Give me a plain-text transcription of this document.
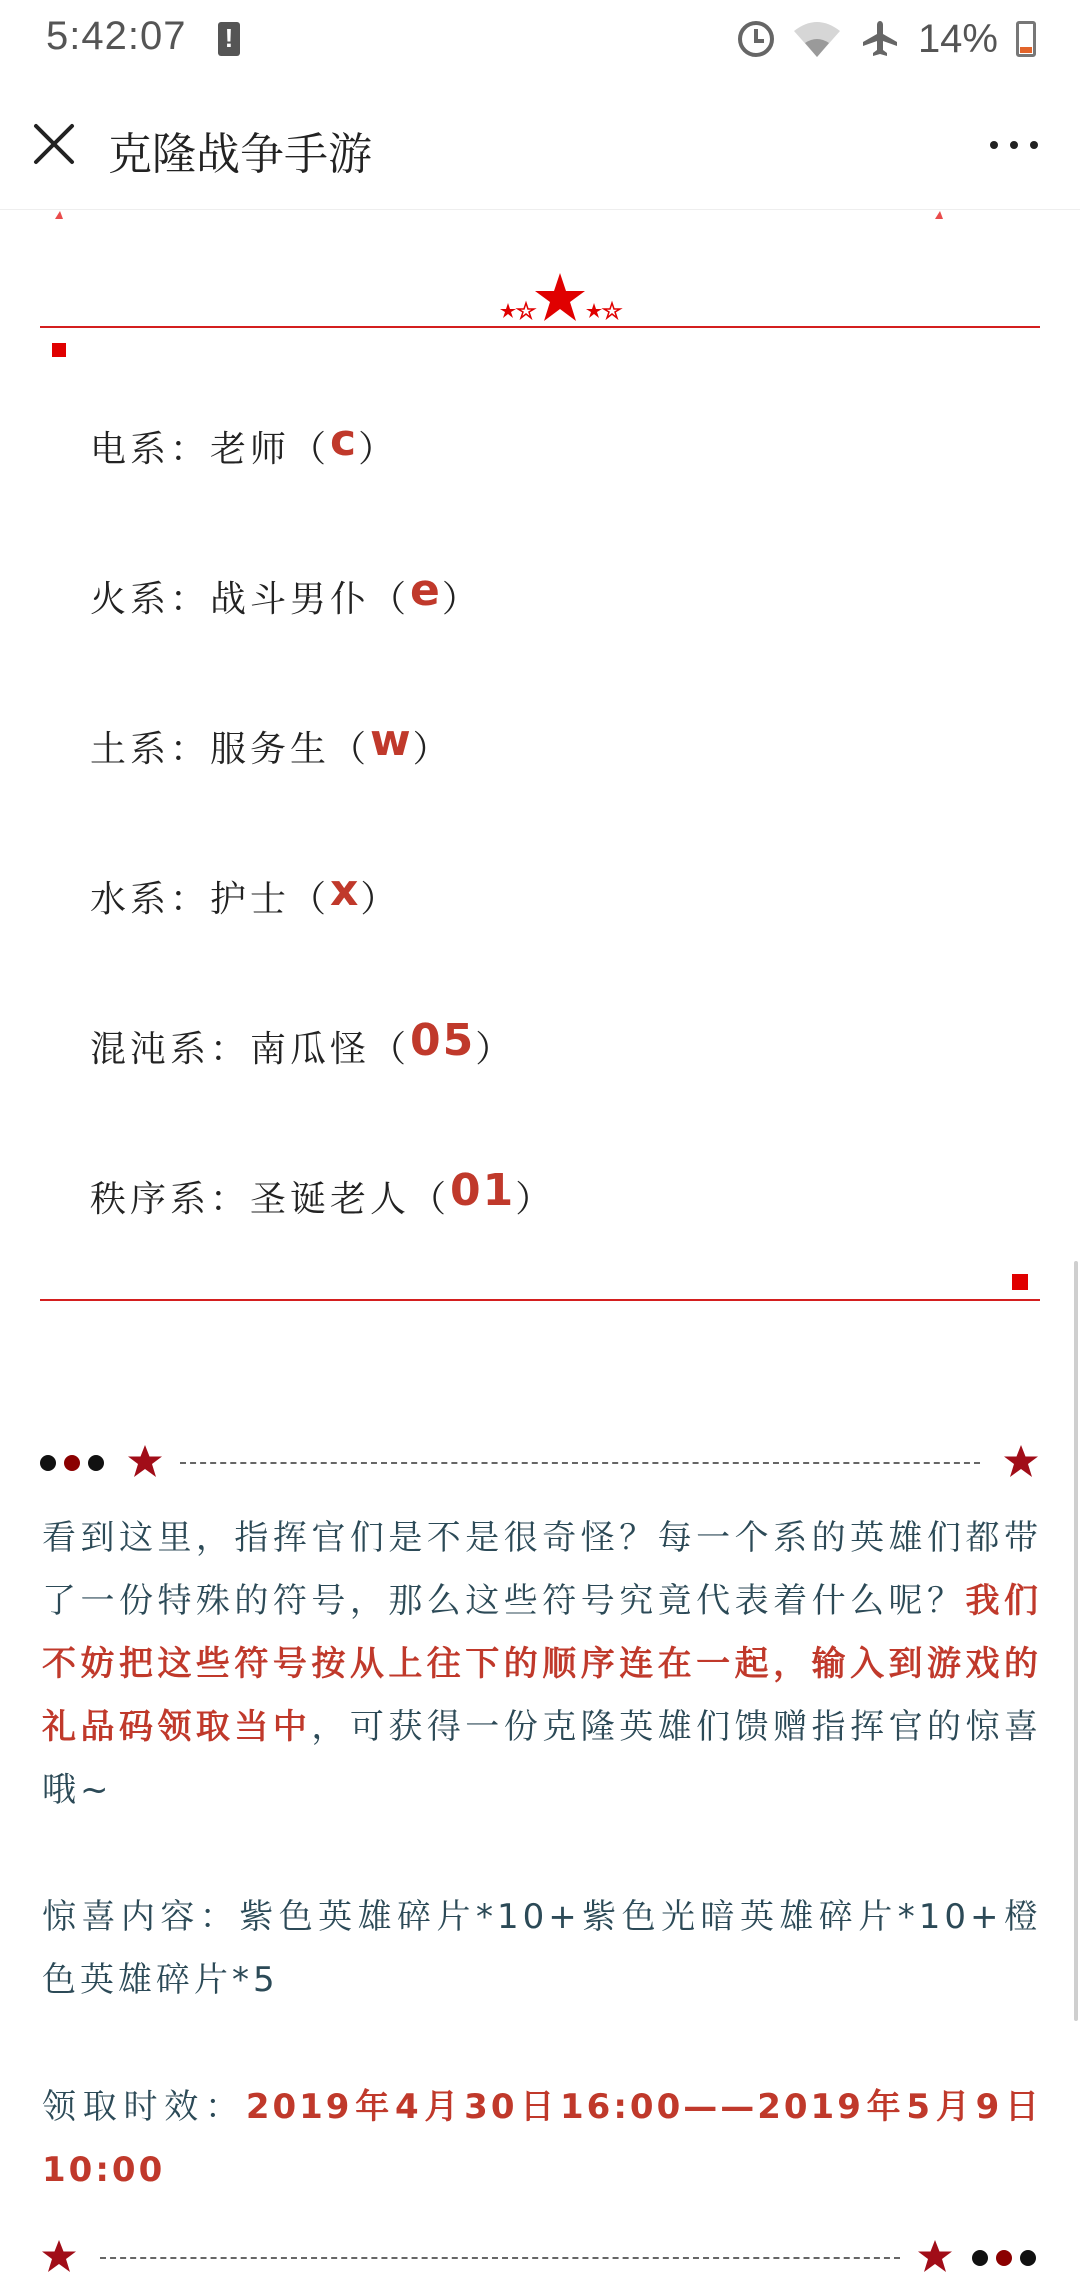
5:42:07
!	14%
克隆战争手游
电系：老师（ c ）
火系：战斗男仆（ e ）
土系：服务生（ w ）
水系：护士（ x ）
混沌系：南瓜怪（ 05 ）
秩序系：圣诞老人（ 01 ）

看到这里，指挥官们是不是很奇怪？每一个系的英雄们都带了一份特殊的符号，那么这些符号究竟代表着什么呢？我们不妨把这些符号按从上往下的顺序连在一起，输入到游戏的礼品码领取当中，可获得一份克隆英雄们馈赠指挥官的惊喜哦~

惊喜内容：紫色英雄碎片*10+紫色光暗英雄碎片*10+橙色英雄碎片*5

领取时效：2019年4月30日16:00——2019年5月9日10:00
